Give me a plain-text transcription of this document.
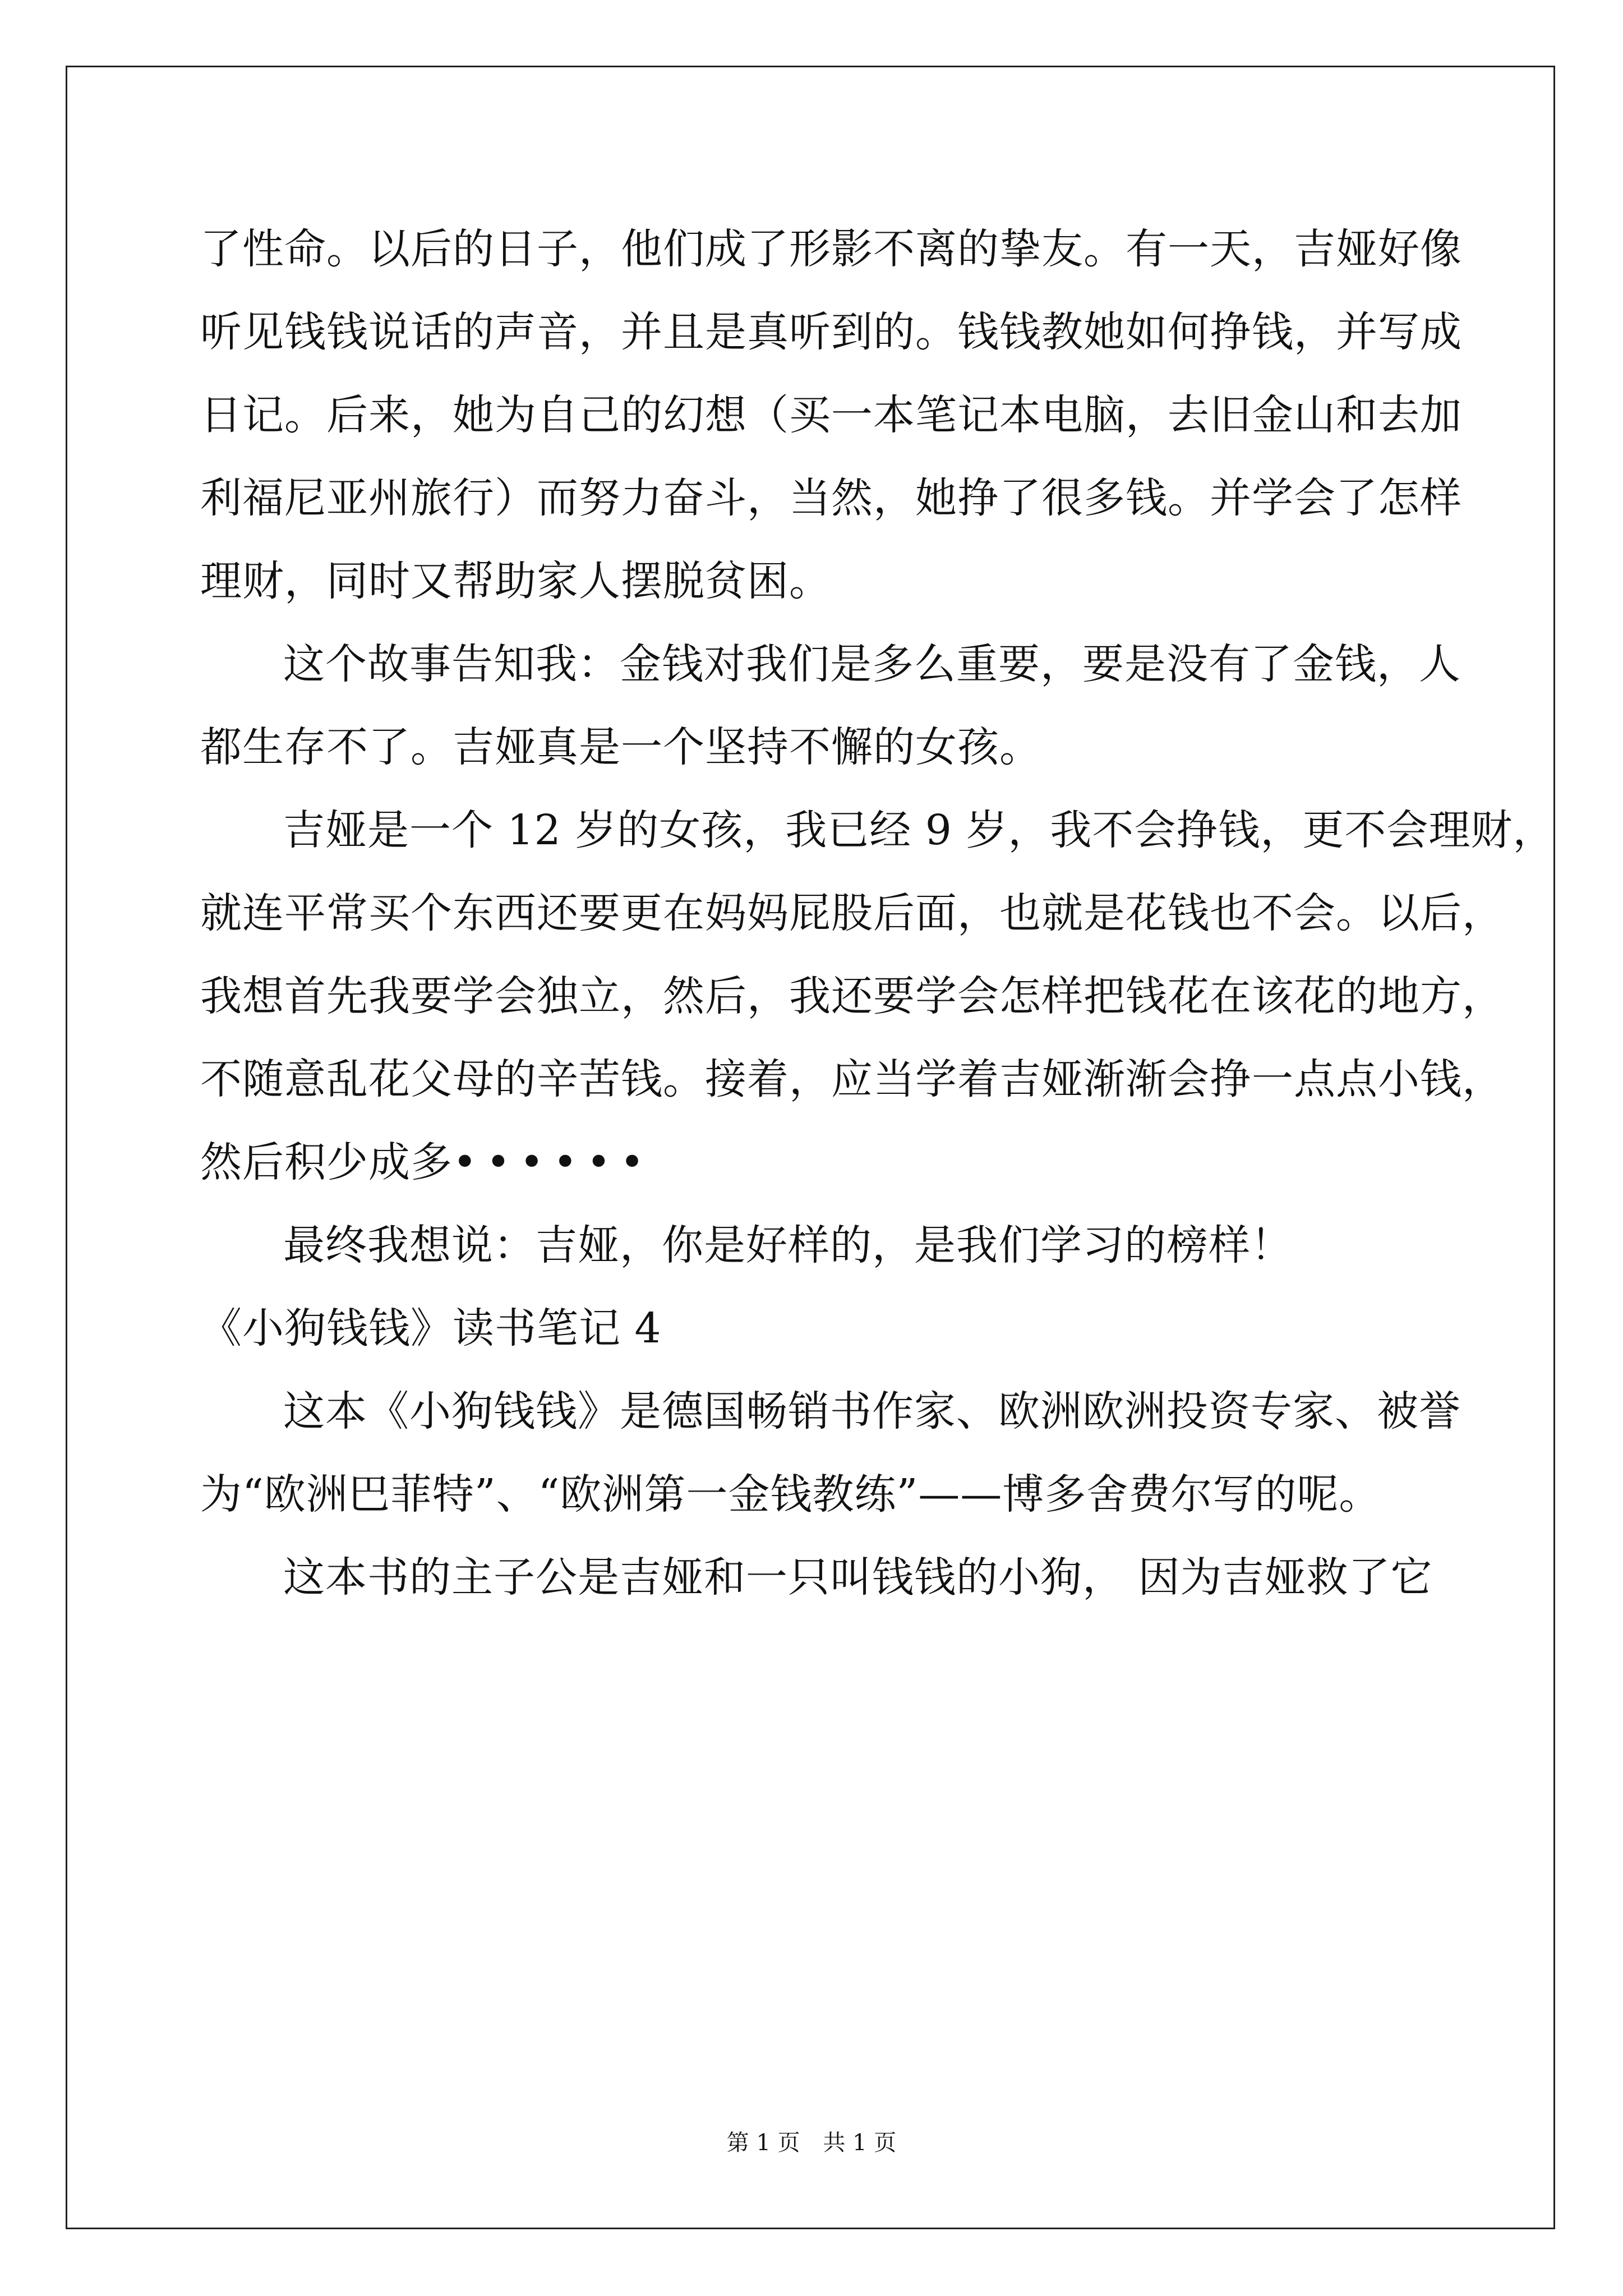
了性命。以后的日子，他们成了形影不离的挚友。有一天，吉娅好像
听见钱钱说话的声音，并且是真听到的。钱钱教她如何挣钱，并写成
日记。后来，她为自己的幻想（买一本笔记本电脑，去旧金山和去加
利福尼亚州旅行）而努力奋斗，当然，她挣了很多钱。并学会了怎样
理财，同时又帮助家人摆脱贫困。
这个故事告知我：金钱对我们是多么重要，要是没有了金钱，人
都生存不了。吉娅真是一个坚持不懈的女孩。
吉娅是一个 12 岁的女孩，我已经 9 岁，我不会挣钱，更不会理财，
就连平常买个东西还要更在妈妈屁股后面，也就是花钱也不会。以后，
我想首先我要学会独立，然后，我还要学会怎样把钱花在该花的地方，
不随意乱花父母的辛苦钱。接着，应当学着吉娅渐渐会挣一点点小钱，
然后积少成多••••••
最终我想说：吉娅，你是好样的，是我们学习的榜样！
《小狗钱钱》读书笔记 4
这本《小狗钱钱》是德国畅销书作家、欧洲欧洲投资专家、被誉
为“欧洲巴菲特”、“欧洲第一金钱教练”——博多舍费尔写的呢。
这本书的主子公是吉娅和一只叫钱钱的小狗， 因为吉娅救了它
第 1 页 共 1 页
